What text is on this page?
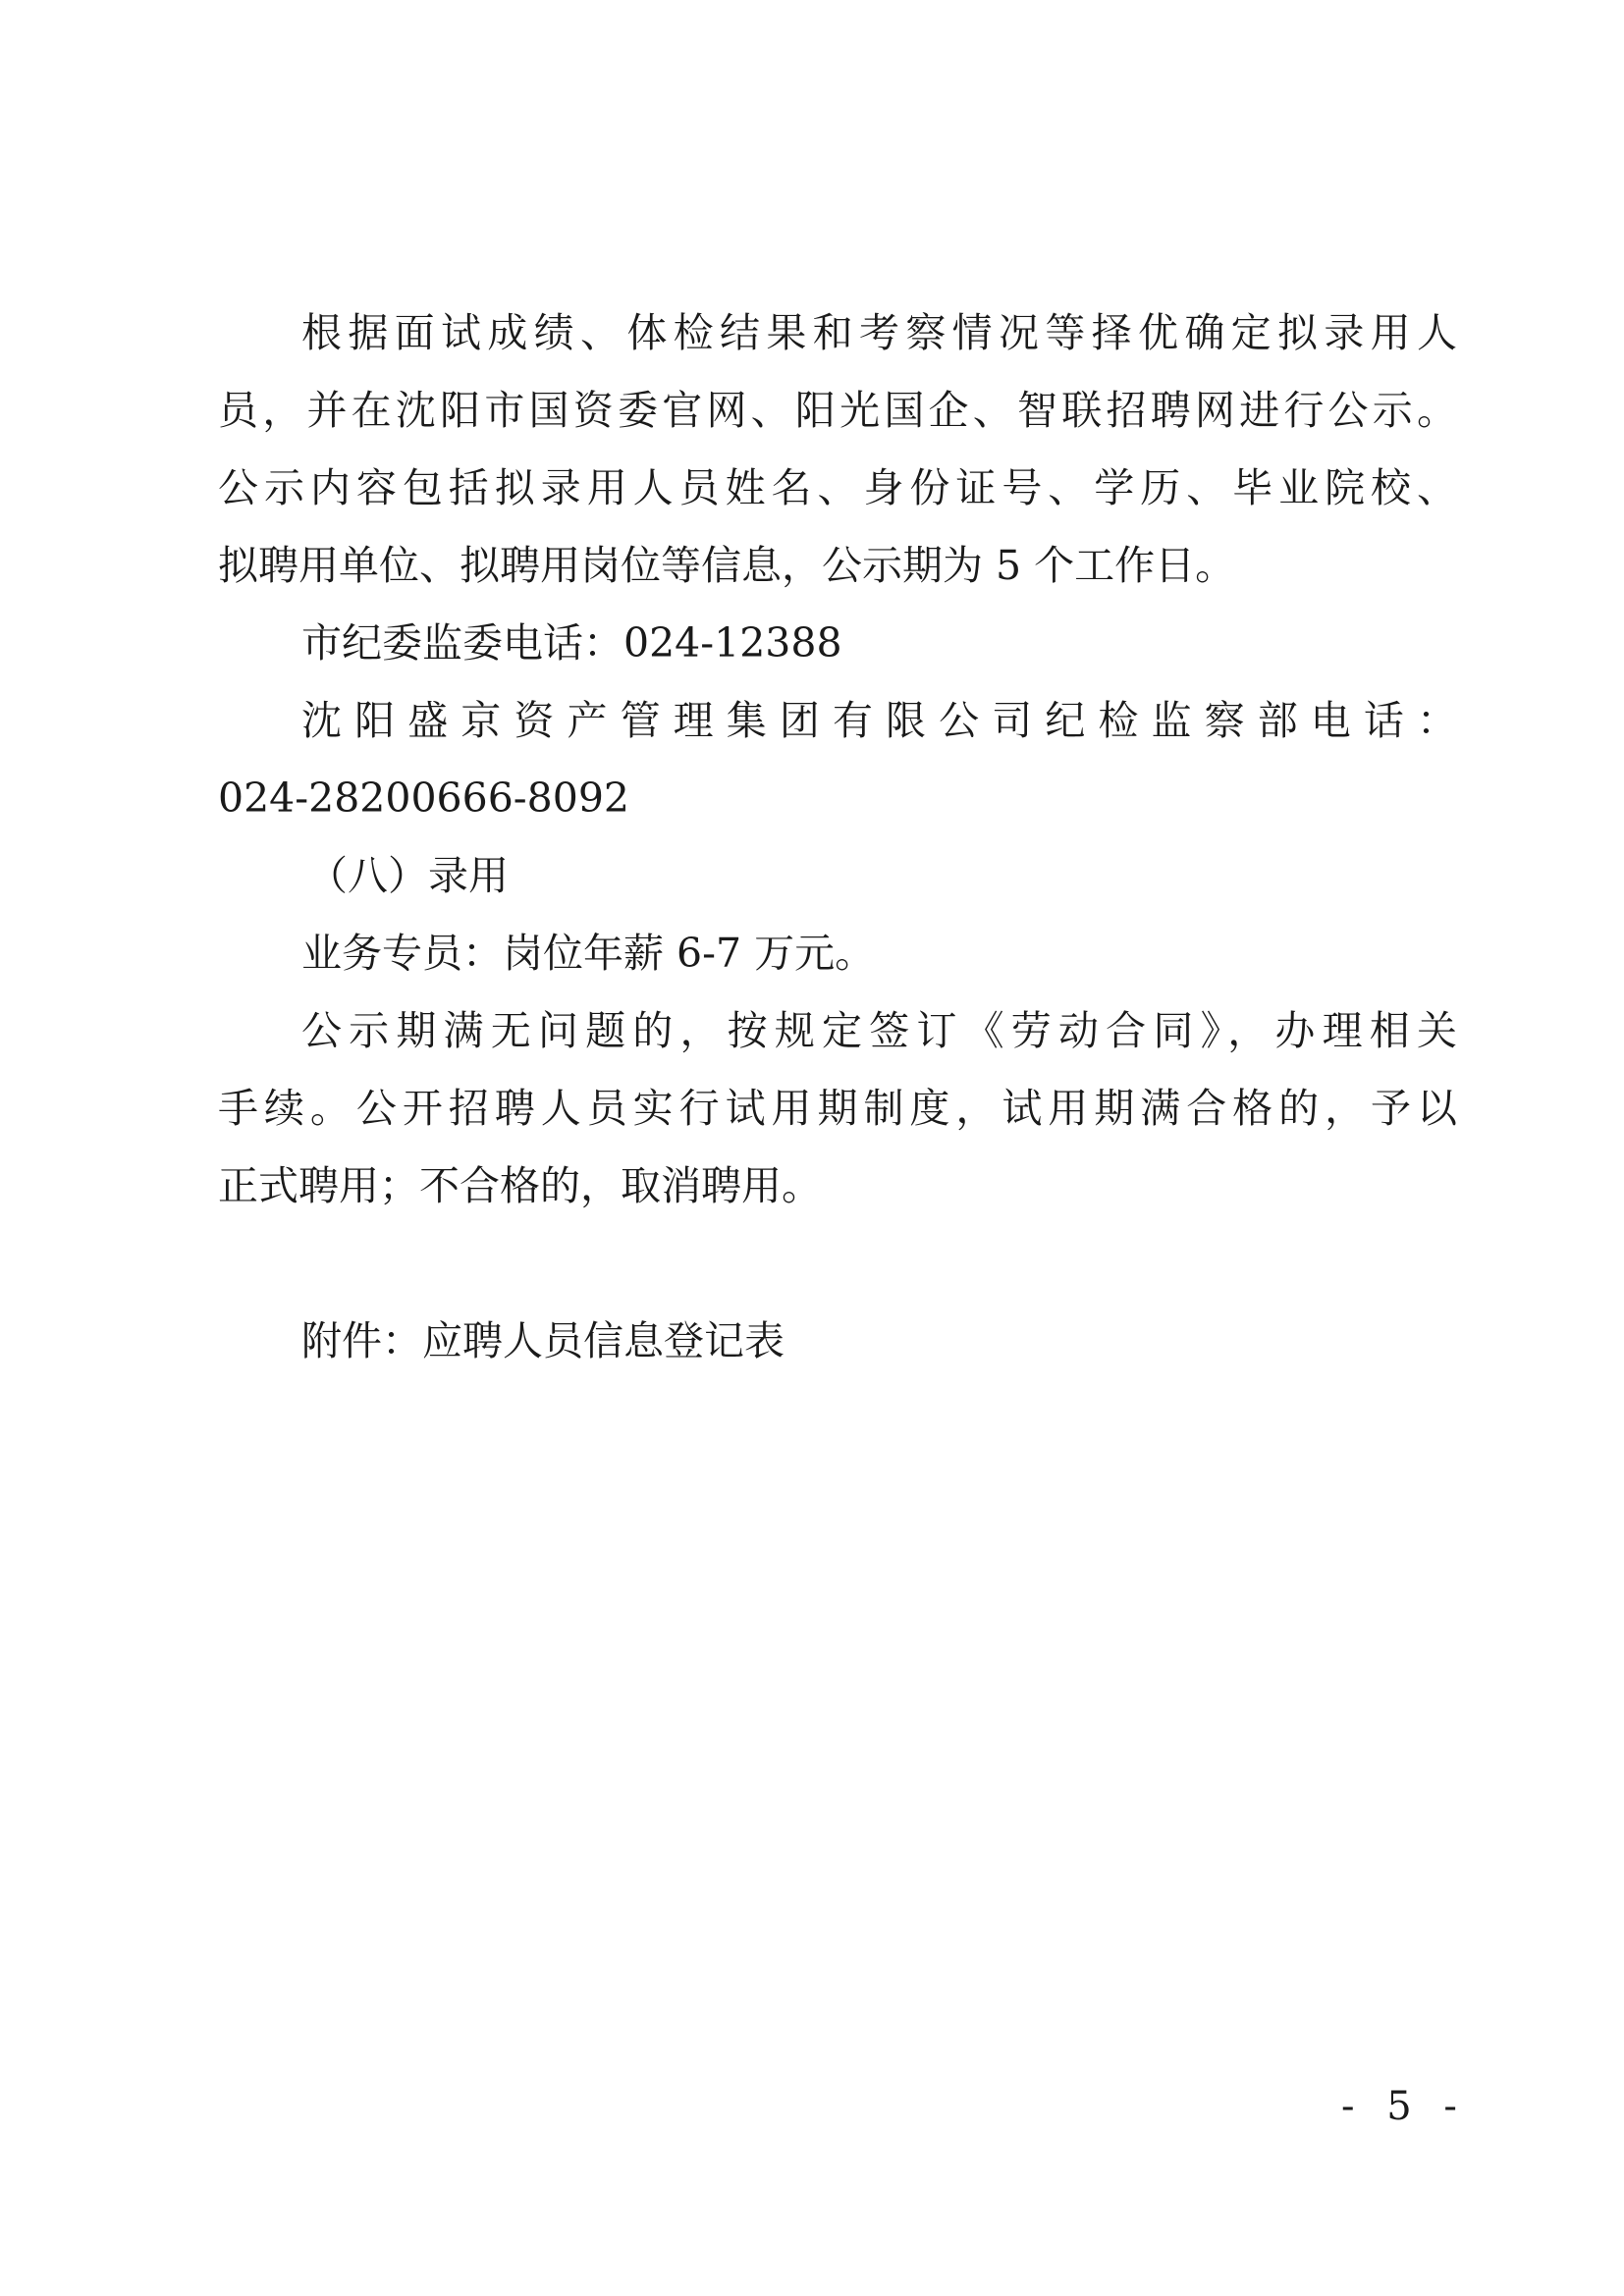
根据面试成绩、体检结果和考察情况等择优确定拟录用人
员，并在沈阳市国资委官网、阳光国企、智联招聘网进行公示。
公示内容包括拟录用人员姓名、身份证号、学历、毕业院校、
拟聘用单位、拟聘用岗位等信息，公示期为 5 个工作日。
市纪委监委电话：024-12388
沈阳盛京资产管理集团有限公司纪检监察部电话：
024-28200666-8092
（八）录用
业务专员：岗位年薪 6-7 万元。
公示期满无问题的，按规定签订《劳动合同》，办理相关
手续。公开招聘人员实行试用期制度，试用期满合格的，予以
正式聘用；不合格的，取消聘用。
附件：应聘人员信息登记表
- 5 -
